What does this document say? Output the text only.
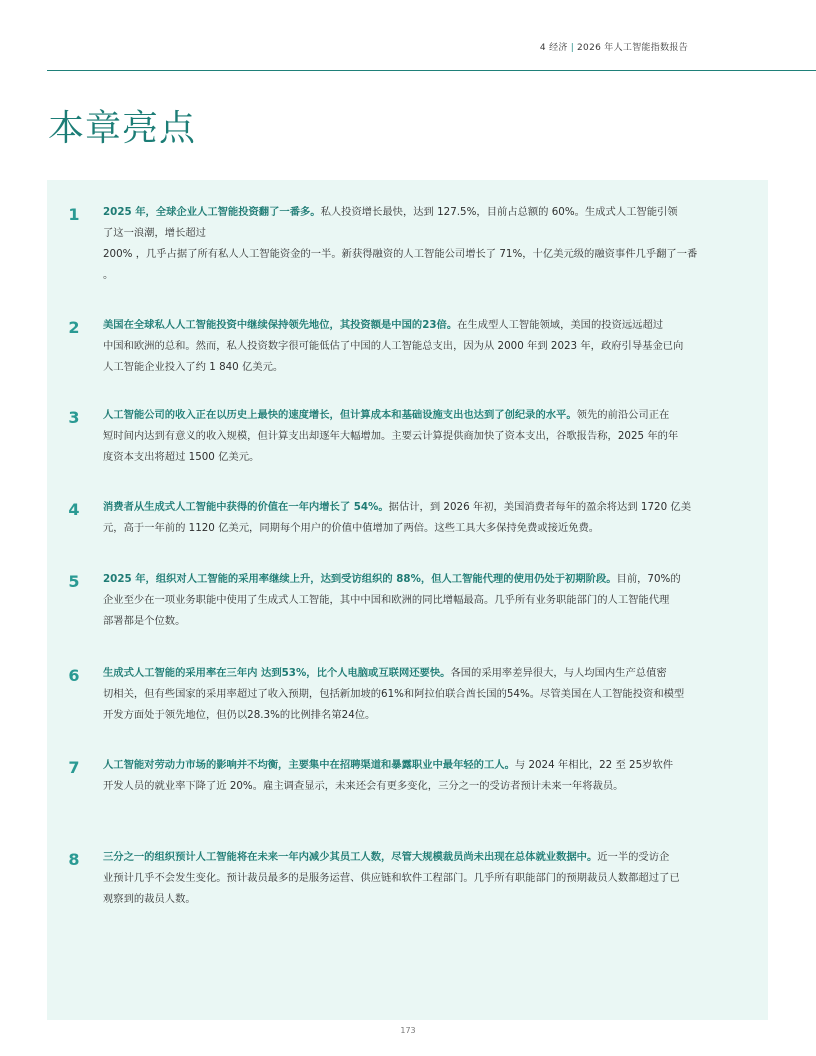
4 经济 | 2026 年人工智能指数报告
本章亮点
1 2025 年，全球企业人工智能投资翻了一番多。私人投资增长最快，达到 127.5%，目前占总额的 60%。生成式人工智能引领
了这一浪潮，增长超过
200% ，几乎占据了所有私人人工智能资金的一半。新获得融资的人工智能公司增长了 71%，十亿美元级的融资事件几乎翻了一番
。

2 美国在全球私人人工智能投资中继续保持领先地位，其投资额是中国的23倍。在生成型人工智能领域，美国的投资远远超过
中国和欧洲的总和。然而，私人投资数字很可能低估了中国的人工智能总支出，因为从 2000 年到 2023 年，政府引导基金已向
人工智能企业投入了约 1 840 亿美元。

3 人工智能公司的收入正在以历史上最快的速度增长，但计算成本和基础设施支出也达到了创纪录的水平。领先的前沿公司正在
短时间内达到有意义的收入规模，但计算支出却逐年大幅增加。主要云计算提供商加快了资本支出，谷歌报告称，2025 年的年
度资本支出将超过 1500 亿美元。

4 消费者从生成式人工智能中获得的价值在一年内增长了 54%。据估计，到 2026 年初，美国消费者每年的盈余将达到 1720 亿美
元，高于一年前的 1120 亿美元，同期每个用户的价值中值增加了两倍。这些工具大多保持免费或接近免费。

5 2025 年，组织对人工智能的采用率继续上升，达到受访组织的 88%，但人工智能代理的使用仍处于初期阶段。目前，70%的
企业至少在一项业务职能中使用了生成式人工智能，其中中国和欧洲的同比增幅最高。几乎所有业务职能部门的人工智能代理
部署都是个位数。

6 生成式人工智能的采用率在三年内 达到53%，比个人电脑或互联网还要快。各国的采用率差异很大，与人均国内生产总值密
切相关，但有些国家的采用率超过了收入预期，包括新加坡的61%和阿拉伯联合酋长国的54%。尽管美国在人工智能投资和模型
开发方面处于领先地位，但仍以28.3%的比例排名第24位。

7 人工智能对劳动力市场的影响并不均衡，主要集中在招聘渠道和暴露职业中最年轻的工人。与 2024 年相比，22 至 25岁软件
开发人员的就业率下降了近 20%。雇主调查显示，未来还会有更多变化，三分之一的受访者预计未来一年将裁员。

8 三分之一的组织预计人工智能将在未来一年内减少其员工人数，尽管大规模裁员尚未出现在总体就业数据中。近一半的受访企
业预计几乎不会发生变化。预计裁员最多的是服务运营、供应链和软件工程部门。几乎所有职能部门的预期裁员人数都超过了已
观察到的裁员人数。

173
